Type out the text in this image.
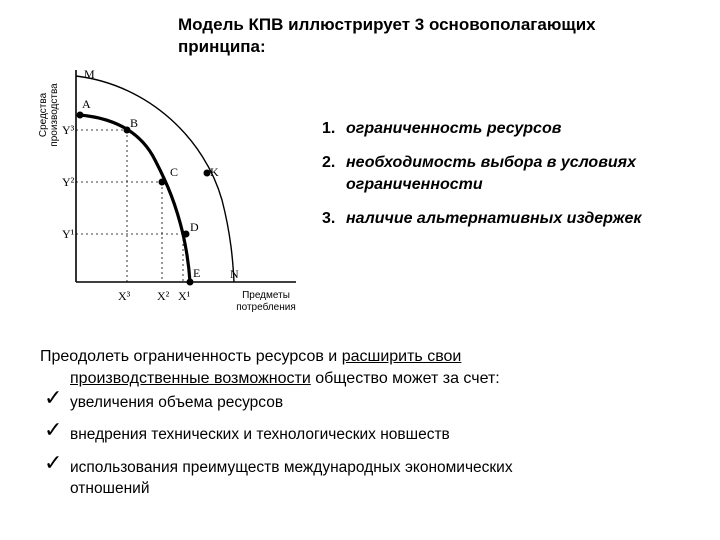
Модель КПВ иллюстрирует 3 основополагающих
принципа:
Средства производства
M
A
B
C	K
D
E N
Y³
Y²
Y¹
X³ X² X¹	Предметы
потребления
1. ограниченность ресурсов
2. необходимость выбора в условиях ограниченности
3. наличие альтернативных издержек
Преодолеть ограниченность ресурсов и расширить свои
производственные возможности общество может за счет:
✓ увеличения объема ресурсов
✓ внедрения технических и технологических новшеств
✓ использования преимуществ международных экономических
отношений
